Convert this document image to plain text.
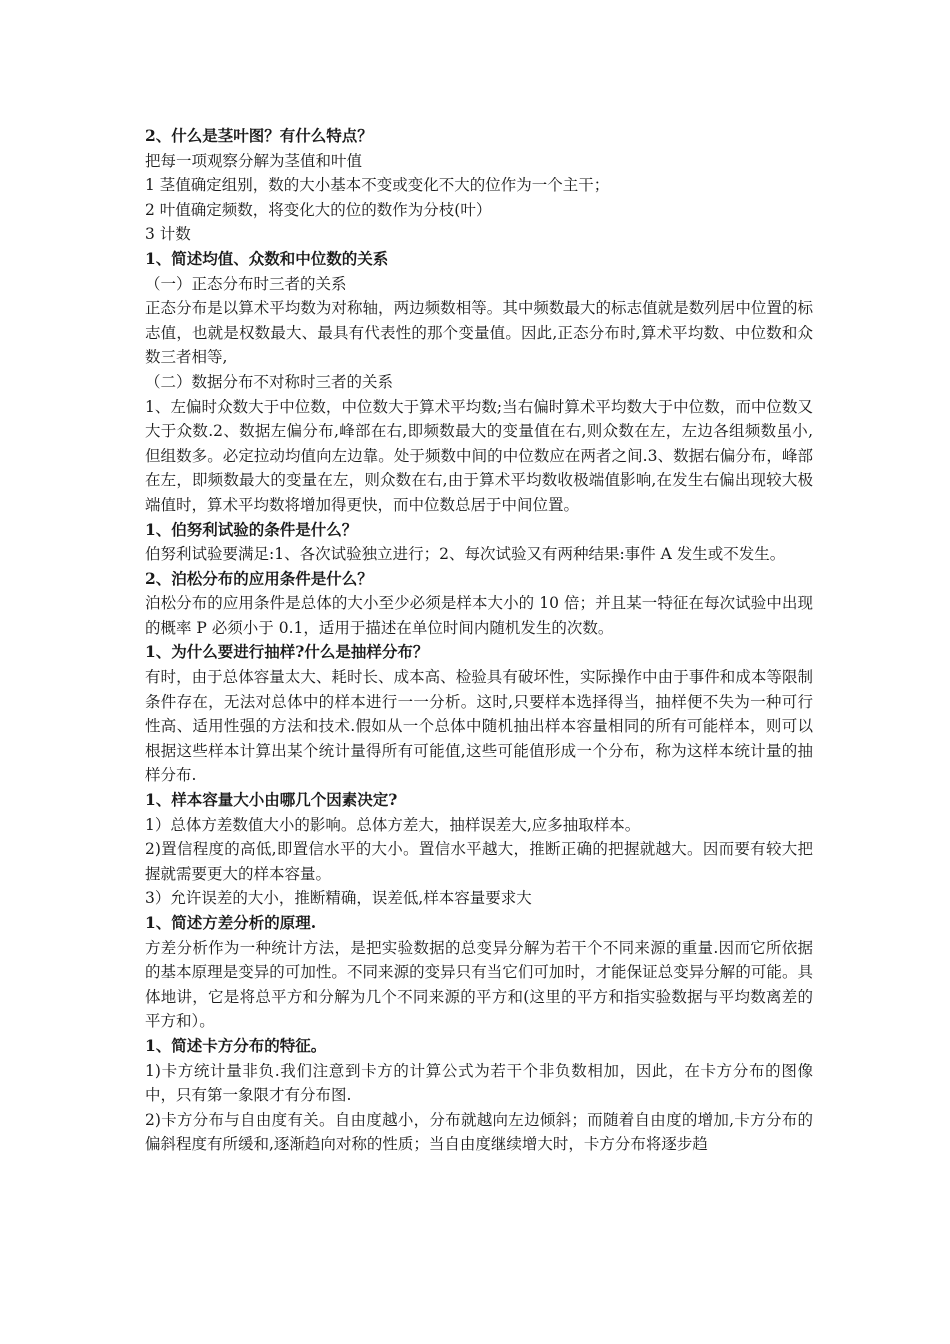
2、什么是茎叶图？有什么特点？

把每一项观察分解为茎值和叶值

1 茎值确定组别，数的大小基本不变或变化不大的位作为一个主干；

2 叶值确定频数，将变化大的位的数作为分枝(叶）

3 计数

1、简述均值、众数和中位数的关系

（一）正态分布时三者的关系

正态分布是以算术平均数为对称轴，两边频数相等。其中频数最大的标志值就是数列居中位置的标志值，也就是权数最大、最具有代表性的那个变量值。因此,正态分布时,算术平均数、中位数和众数三者相等,

（二）数据分布不对称时三者的关系

1、左偏时众数大于中位数，中位数大于算术平均数;当右偏时算术平均数大于中位数，而中位数又大于众数.2、数据左偏分布,峰部在右,即频数最大的变量值在右,则众数在左，左边各组频数虽小,但组数多。必定拉动均值向左边靠。处于频数中间的中位数应在两者之间.3、数据右偏分布，峰部在左，即频数最大的变量在左，则众数在右,由于算术平均数收极端值影响,在发生右偏出现较大极端值时，算术平均数将增加得更快，而中位数总居于中间位置。

1、伯努利试验的条件是什么？

伯努利试验要满足:1、各次试验独立进行；2、每次试验又有两种结果:事件 A 发生或不发生。

2、泊松分布的应用条件是什么？

泊松分布的应用条件是总体的大小至少必须是样本大小的 10 倍；并且某一特征在每次试验中出现的概率 P 必须小于 0.1，适用于描述在单位时间内随机发生的次数。

1、为什么要进行抽样?什么是抽样分布？

有时，由于总体容量太大、耗时长、成本高、检验具有破坏性，实际操作中由于事件和成本等限制条件存在，无法对总体中的样本进行一一分析。这时,只要样本选择得当，抽样便不失为一种可行性高、适用性强的方法和技术.假如从一个总体中随机抽出样本容量相同的所有可能样本，则可以根据这些样本计算出某个统计量得所有可能值,这些可能值形成一个分布，称为这样本统计量的抽样分布.

1、样本容量大小由哪几个因素决定?

1）总体方差数值大小的影响。总体方差大，抽样误差大,应多抽取样本。

2)置信程度的高低,即置信水平的大小。置信水平越大，推断正确的把握就越大。因而要有较大把握就需要更大的样本容量。

3）允许误差的大小，推断精确，误差低,样本容量要求大

1、简述方差分析的原理.

方差分析作为一种统计方法，是把实验数据的总变异分解为若干个不同来源的重量.因而它所依据的基本原理是变异的可加性。不同来源的变异只有当它们可加时，才能保证总变异分解的可能。具体地讲，它是将总平方和分解为几个不同来源的平方和(这里的平方和指实验数据与平均数离差的平方和）。

1、简述卡方分布的特征。

1)卡方统计量非负.我们注意到卡方的计算公式为若干个非负数相加，因此，在卡方分布的图像中，只有第一象限才有分布图.

2)卡方分布与自由度有关。自由度越小，分布就越向左边倾斜；而随着自由度的增加,卡方分布的偏斜程度有所缓和,逐渐趋向对称的性质；当自由度继续增大时，卡方分布将逐步趋
